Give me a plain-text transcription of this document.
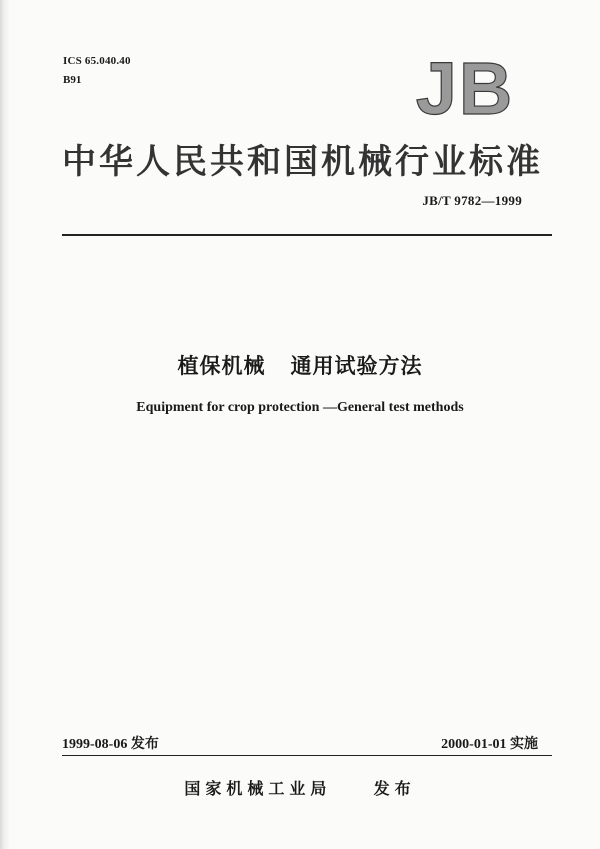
ICS 65.040.40
B91	JB
中华人民共和国机械行业标准
JB/T 9782—1999
植保机械   通用试验方法
Equipment for crop protection —General test methods
1999-08-06 发布	2000-01-01 实施
国家机械工业局    发布
